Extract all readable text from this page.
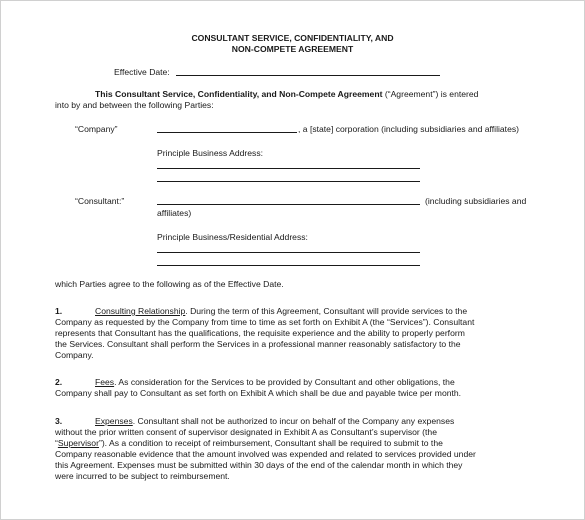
CONSULTANT SERVICE, CONFIDENTIALITY, AND
NON-COMPETE AGREEMENT
Effective Date:
This Consultant Service, Confidentiality, and Non-Compete Agreement (“Agreement”) is entered
into by and between the following Parties:
“Company”	, a [state] corporation (including subsidiaries and affiliates)
Principle Business Address:
“Consultant:”	(including subsidiaries and
affiliates)
Principle Business/Residential Address:
which Parties agree to the following as of the Effective Date.
1.	Consulting Relationship. During the term of this Agreement, Consultant will provide services to the
Company as requested by the Company from time to time as set forth on Exhibit A (the “Services”). Consultant
represents that Consultant has the qualifications, the requisite experience and the ability to properly perform
the Services. Consultant shall perform the Services in a professional manner reasonably satisfactory to the
Company.
2.	Fees. As consideration for the Services to be provided by Consultant and other obligations, the
Company shall pay to Consultant as set forth on Exhibit A which shall be due and payable twice per month.
3.	Expenses. Consultant shall not be authorized to incur on behalf of the Company any expenses
without the prior written consent of supervisor designated in Exhibit A as Consultant’s supervisor (the
“Supervisor”). As a condition to receipt of reimbursement, Consultant shall be required to submit to the
Company reasonable evidence that the amount involved was expended and related to services provided under
this Agreement. Expenses must be submitted within 30 days of the end of the calendar month in which they
were incurred to be subject to reimbursement.
